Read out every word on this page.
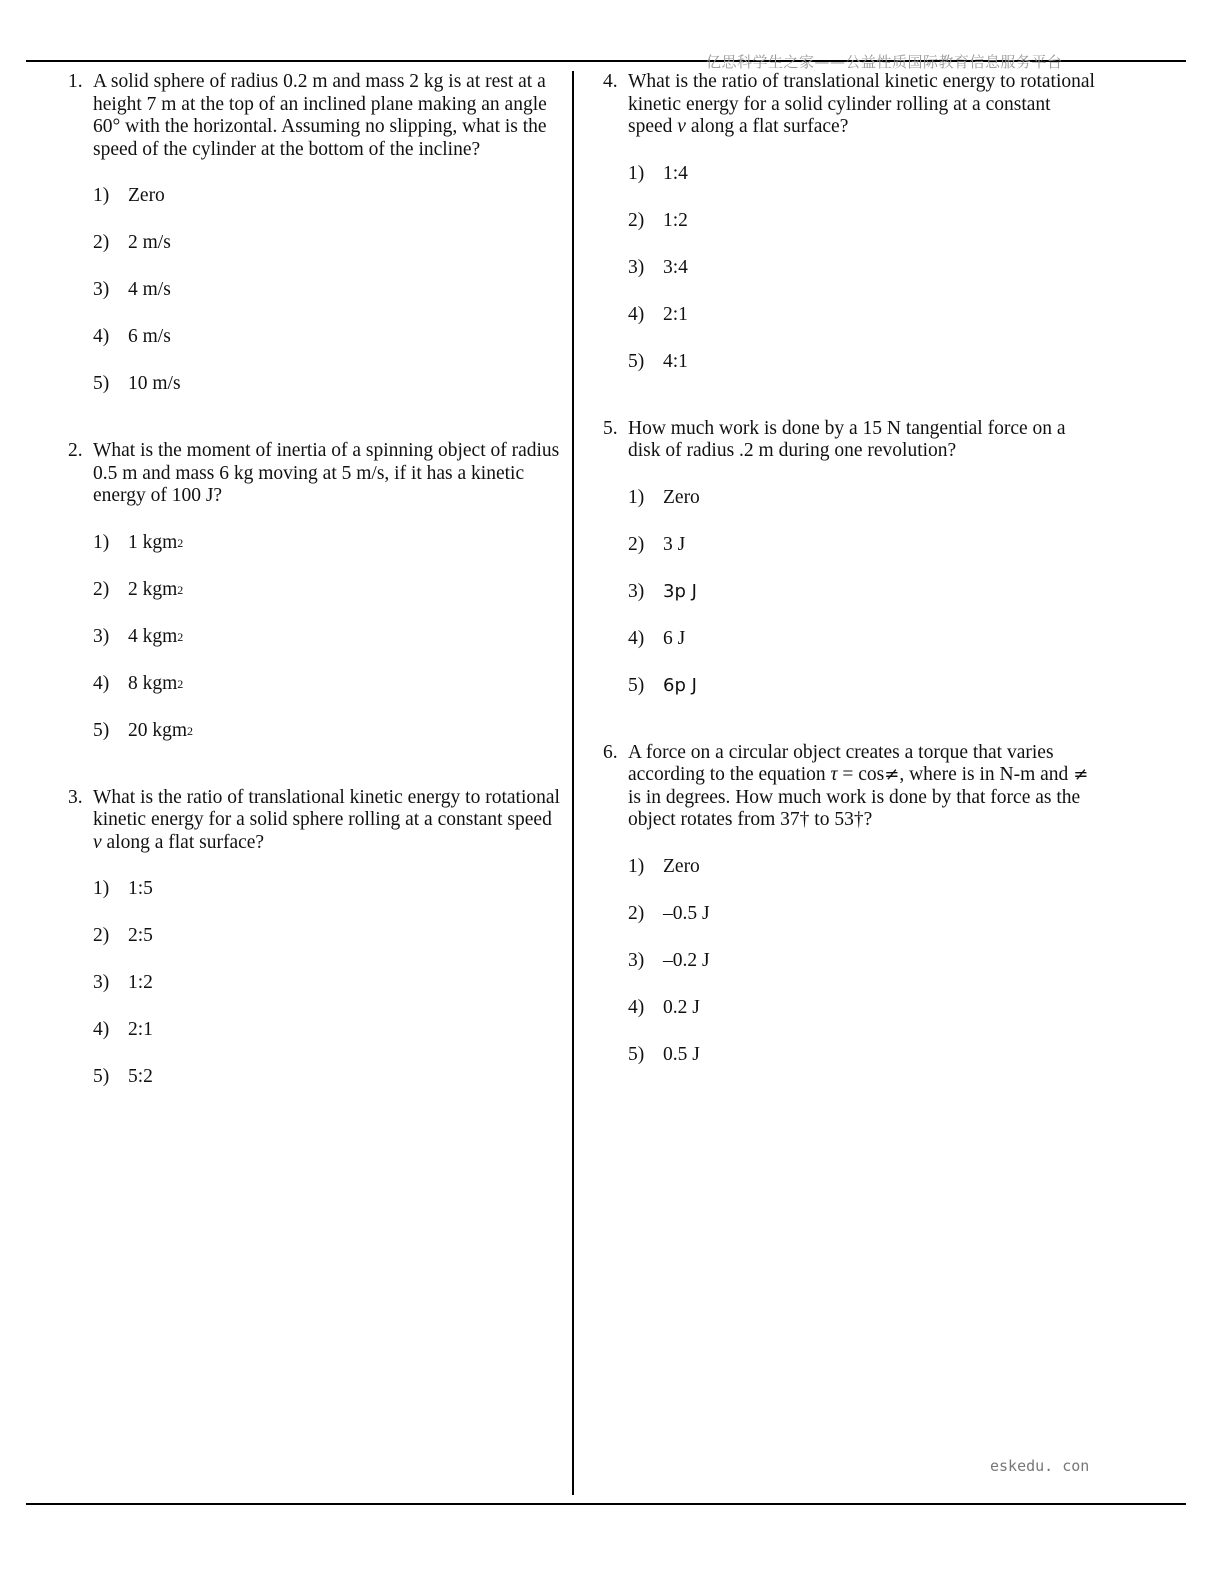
亿思科学生之家——公益性质国际教育信息服务平台
eskedu. con
1. A solid sphere of radius 0.2 m and mass 2 kg is at rest at a height 7 m at the top of an inclined plane making an angle 60° with the horizontal. Assuming no slipping, what is the speed of the cylinder at the bottom of the incline?
1) Zero
2) 2 m/s
3) 4 m/s
4) 6 m/s
5) 10 m/s
2. What is the moment of inertia of a spinning object of radius 0.5 m and mass 6 kg moving at 5 m/s, if it has a kinetic energy of 100 J?
1) 1 kgm 2
2) 2 kgm 2
3) 4 kgm 2
4) 8 kgm 2
5) 20 kgm 2
3. What is the ratio of translational kinetic energy to rotational kinetic energy for a solid sphere rolling at a constant speed v along a flat surface?
1) 1:5
2) 2:5
3) 1:2
4) 2:1
5) 5:2
4. What is the ratio of translational kinetic energy to rotational kinetic energy for a solid cylinder rolling at a constant speed v along a flat surface?
1) 1:4
2) 1:2
3) 3:4
4) 2:1
5) 4:1
5. How much work is done by a 15 N tangential force on a disk of radius .2 m during one revolution?
1) Zero
2) 3 J
3)	3p J
4) 6 J
5)	6p J
6. A force on a circular object creates a torque that varies according to the equation τ = cos≠, where is in N-m and ≠ is in degrees. How much work is done by that force as the object rotates from 37† to 53†?
1) Zero
2) –0.5 J
3) –0.2 J
4) 0.2 J
5) 0.5 J
